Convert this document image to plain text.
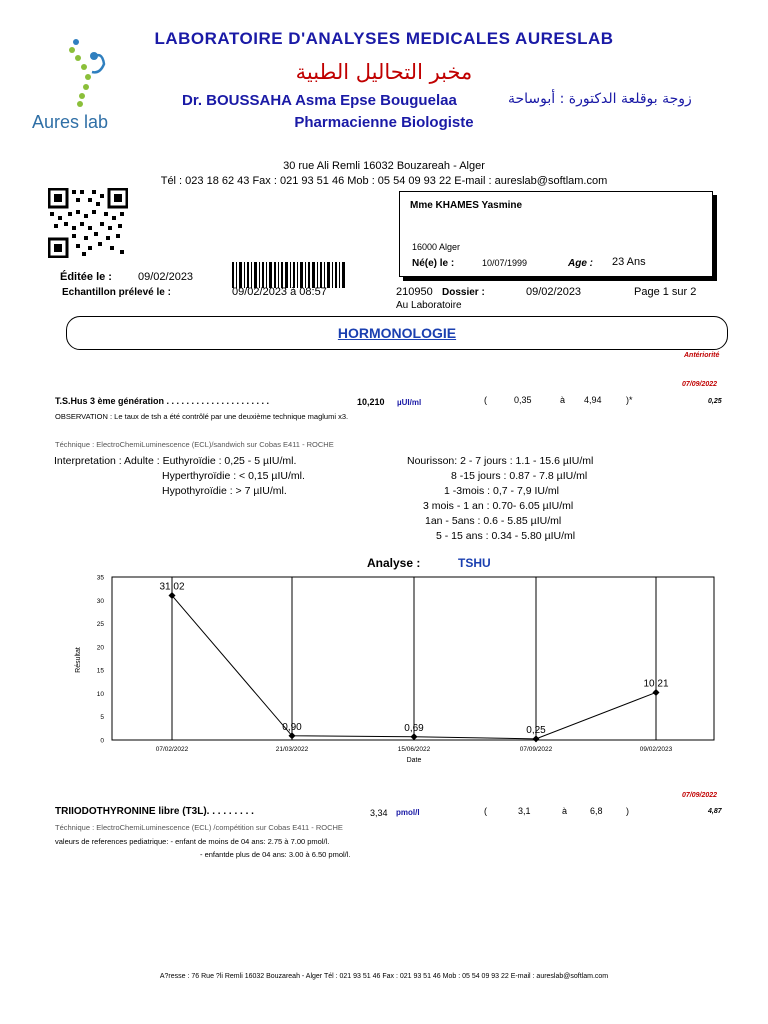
Aures lab
LABORATOIRE D'ANALYSES MEDICALES AURESLAB
مخبر التحاليل الطبية
Dr. BOUSSAHA Asma Epse Bouguelaa	زوجة بوقلعة الدكتورة : أبوساحة
Pharmacienne Biologiste
30 rue Ali Remli 16032 Bouzareah - Alger
Tél : 023 18 62 43 Fax : 021 93 51 46 Mob : 05 54 09 93 22 E-mail : aureslab@softlam.com
Mme KHAMES Yasmine
16000 Alger
Né(e) le :	10/07/1999	Age : 23 Ans
Éditée le : 09/02/2023
Echantillon prélevé le :	09/02/2023 à 08:57	210950 Dossier :	09/02/2023	Page 1 sur 2
Au Laboratoire
HORMONOLOGIE
Antériorité
07/09/2022
T.S.Hus 3 ème génération . . . . . . . . . . . . . . . . . . . . .	10,210 µUI/ml	(	0,35	à 4,94	)*	0,25
OBSERVATION : Le taux de tsh a été contrôlé par une deuxième technique maglumi x3.
Téchnique : ElectroChemiLuminescence (ECL)/sandwich sur Cobas E411 - ROCHE
Interpretation : Adulte : Euthyroïdie : 0,25 - 5 µIU/ml.
Hyperthyroïdie : < 0,15 µIU/ml.
Hypothyroïdie : > 7 µIU/ml.
Nourisson: 2 - 7 jours : 1.1 - 15.6 µIU/ml
8 -15 jours : 0.87 - 7.8 µIU/ml
1 -3mois : 0,7 - 7,9 IU/ml
3 mois - 1 an : 0.70- 6.05 µIU/ml
1an - 5ans : 0.6 - 5.85 µIU/ml
5 - 15 ans : 0.34 - 5.80 µIU/ml
Analyse :	TSHU
0
5
10
15
20
25
30
35
07/02/2022	21/03/2022	15/06/2022	07/09/2022	09/02/2023
31,02
0,90	0,69	0,25
10,21
Résultat
Date
07/09/2022
TRIIODOTHYRONINE libre (T3L). . . . . . . . .	3,34 pmol/l	(	3,1	à	6,8	)	4,87
Téchnique : ElectroChemiLuminescence (ECL) /compétition sur Cobas E411 - ROCHE
valeurs de references pediatrique: - enfant de moins de 04 ans: 2.75 à 7.00 pmol/l.
- enfantde plus de 04 ans: 3.00 à 6.50 pmol/l.
A?resse : 76 Rue ?li Remli 16032 Bouzareah - Alger Tél : 021 93 51 46 Fax : 021 93 51 46 Mob : 05 54 09 93 22 E-mail : aureslab@softlam.com
